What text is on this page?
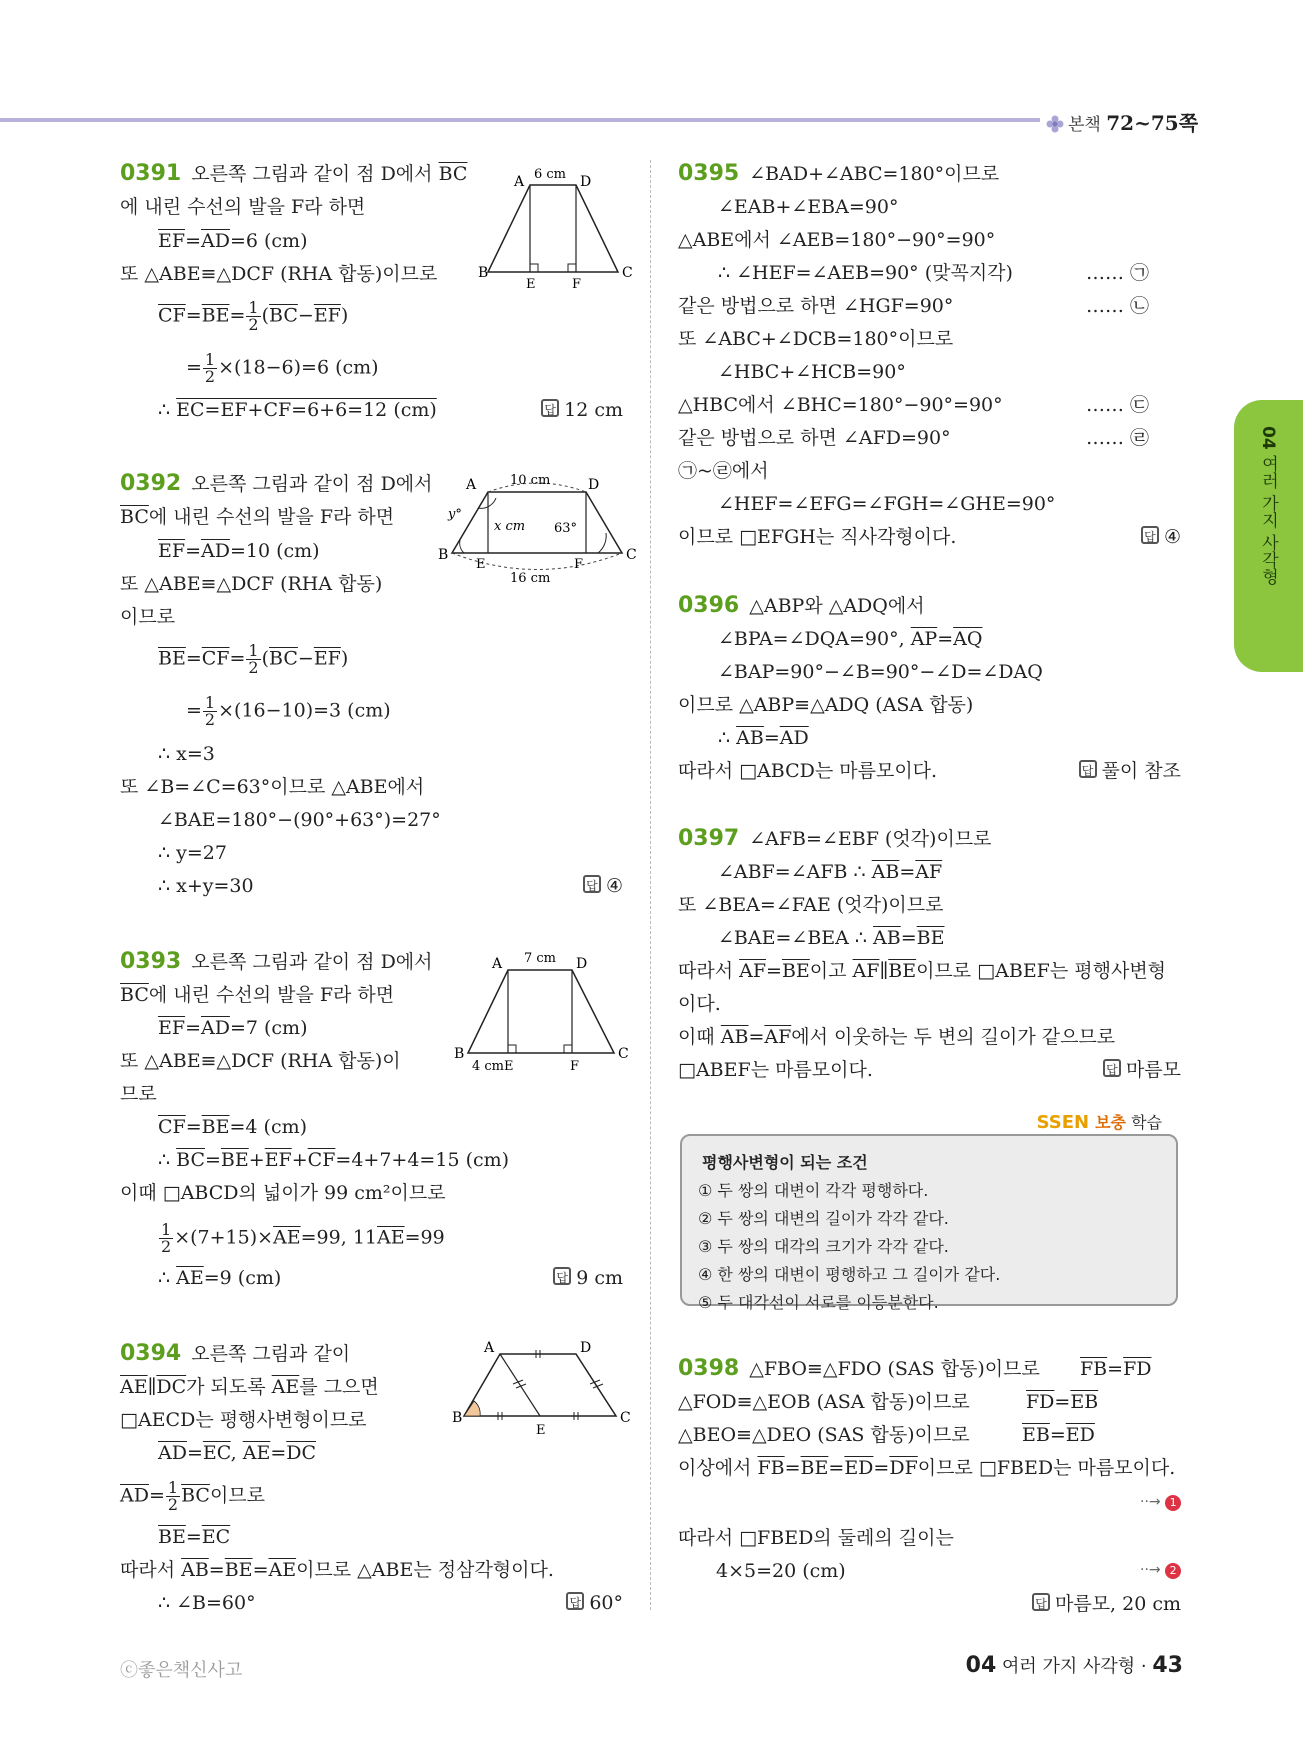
본책 72~75쪽
04 여러 가지 사각형
0391 오른쪽 그림과 같이 점 D에서 $\overline{BC}$
에 내린 수선의 발을 F라 하면
$\overline{EF}=\overline{AD}=6$ (cm)
또 △ABE≡△DCF (RHA 합동)이므로
$\overline{CF}=\overline{BE}= \frac{1}{2} (\overline{BC}-\overline{EF})$
= $\frac{1}{2} \times(18-6)=6$ (cm)
∴ EC=EF+CF=6+6=12 (cm)	답 12 cm
A	D
B	C
E	F
6 cm
0392 오른쪽 그림과 같이 점 D에서
$\overline{BC}$에 내린 수선의 발을 F라 하면
$\overline{EF}=\overline{AD}=10$ (cm)
또 △ABE≡△DCF (RHA 합동)
이므로
$\overline{BE}=\overline{CF}= \frac{1}{2} (\overline{BC}-\overline{EF})$
= $\frac{1}{2} \times(16-10)=3$ (cm)
∴ x=3
또 ∠B=∠C=63°이므로 △ABE에서
∠BAE=180°−(90°+63°)=27°
∴ y=27
∴ x+y=30	답 ④
A	D
B	C
E	F
10 cm
16 cm
x cm
y°
63°
0393 오른쪽 그림과 같이 점 D에서
$\overline{BC}$에 내린 수선의 발을 F라 하면
$\overline{EF}=\overline{AD}=7$ (cm)
또 △ABE≡△DCF (RHA 합동)이
므로
$\overline{CF}=\overline{BE}=4$ (cm)
∴ $\overline{BC}=\overline{BE}+\overline{EF}+\overline{CF}=4+7+4=15$ (cm)
이때 □ABCD의 넓이가 99 cm²이므로
$\frac{1}{2} \times(7+15)\times\overline{AE}=99$, $11\overline{AE}=99$
∴ $\overline{AE}=9$ (cm)	답 9 cm
A	D
B	C
F
4 cmE
7 cm
0394 오른쪽 그림과 같이
$\overline{AE}\parallel\overline{DC}$가 되도록 $\overline{AE}$를 그으면
□AECD는 평행사변형이므로
$\overline{AD}=\overline{EC}$, $\overline{AE}=\overline{DC}$
$\overline{AD}= \frac{1}{2} \overline{BC}$이므로
$\overline{BE}=\overline{EC}$
따라서 $\overline{AB}=\overline{BE}=\overline{AE}$이므로 △ABE는 정삼각형이다.
∴ ∠B=60°	답 60°
A	D
B	C
E
0395 ∠BAD+∠ABC=180°이므로
∠EAB+∠EBA=90°
△ABE에서 ∠AEB=180°−90°=90°
∴ ∠HEF=∠AEB=90° (맞꼭지각)
같은 방법으로 하면 ∠HGF=90°
또 ∠ABC+∠DCB=180°이므로
∠HBC+∠HCB=90°
△HBC에서 ∠BHC=180°−90°=90°
같은 방법으로 하면 ∠AFD=90°
㉠~㉣에서
∠HEF=∠EFG=∠FGH=∠GHE=90°
이므로 □EFGH는 직사각형이다.
…… ㉠
…… ㉡
…… ㉢
…… ㉣
답 ④
0396 △ABP와 △ADQ에서
∠BPA=∠DQA=90°, $\overline{AP}=\overline{AQ}$
∠BAP=90°−∠B=90°−∠D=∠DAQ
이므로 △ABP≡△ADQ (ASA 합동)
∴ $\overline{AB}=\overline{AD}$
따라서 □ABCD는 마름모이다.	답 풀이 참조
0397 ∠AFB=∠EBF (엇각)이므로
∠ABF=∠AFB ∴ $\overline{AB}=\overline{AF}$
또 ∠BEA=∠FAE (엇각)이므로
∠BAE=∠BEA ∴ $\overline{AB}=\overline{BE}$
따라서 $\overline{AF}=\overline{BE}$이고 $\overline{AF}\parallel\overline{BE}$이므로 □ABEF는 평행사변형
이다.
이때 $\overline{AB}=\overline{AF}$에서 이웃하는 두 변의 길이가 같으므로
□ABEF는 마름모이다.	답 마름모
SSEN 보충 학습
평행사변형이 되는 조건
① 두 쌍의 대변이 각각 평행하다.
② 두 쌍의 대변의 길이가 각각 같다.
③ 두 쌍의 대각의 크기가 각각 같다.
④ 한 쌍의 대변이 평행하고 그 길이가 같다.
⑤ 두 대각선이 서로를 이등분한다.
0398 △FBO≡△FDO (SAS 합동)이므로 $\overline{FB}=\overline{FD}$
△FOD≡△EOB (ASA 합동)이므로	$\overline{FD}=\overline{EB}$
△BEO≡△DEO (SAS 합동)이므로	$\overline{EB}=\overline{ED}$
이상에서 $\overline{FB}=\overline{BE}=\overline{ED}=\overline{DF}$이므로 □FBED는 마름모이다.
··→ 1
따라서 □FBED의 둘레의 길이는
4×5=20 (cm)	··→ 2
답 마름모, 20 cm
ⓒ좋은책신사고	04 여러 가지 사각형 · 43
